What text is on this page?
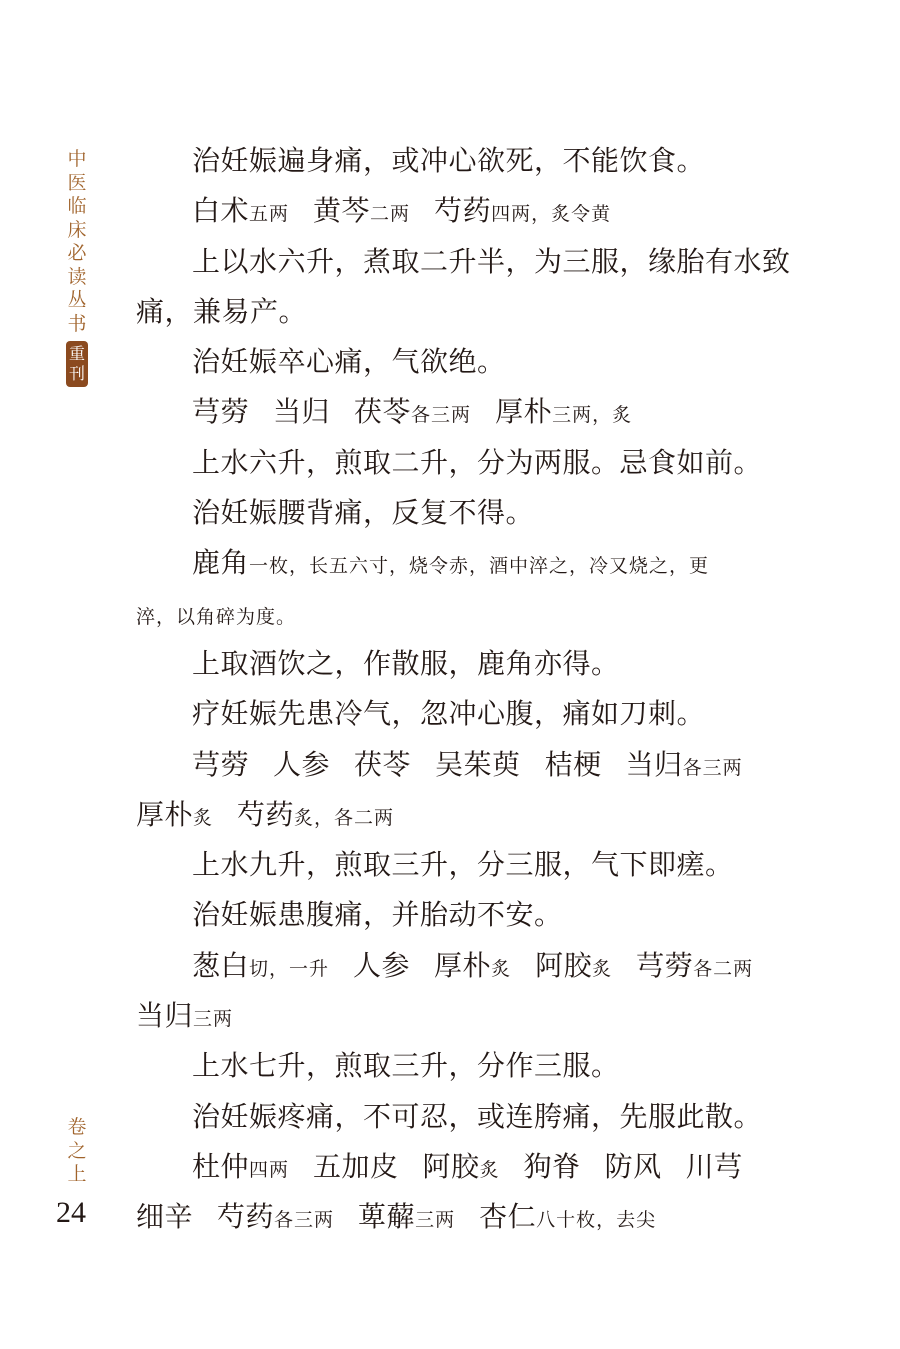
中
医
临
床
必
读
丛
书
重
刊
卷
之
上
24
治妊娠遍身痛，或冲心欲死，不能饮食。
白术五两 黄芩二两 芍药四两，炙令黄
上以水六升，煮取二升半，为三服，缘胎有水致
痛，兼易产。
治妊娠卒心痛，气欲绝。
芎䓖 当归 茯苓各三两 厚朴三两，炙
上水六升，煎取二升，分为两服。忌食如前。
治妊娠腰背痛，反复不得。
鹿角一枚，长五六寸，烧令赤，酒中淬之，冷又烧之，更
淬，以角碎为度。
上取酒饮之，作散服，鹿角亦得。
疗妊娠先患冷气，忽冲心腹，痛如刀刺。
芎䓖 人参 茯苓 吴茱萸 桔梗 当归各三两
厚朴炙 芍药炙，各二两
上水九升，煎取三升，分三服，气下即瘥。
治妊娠患腹痛，并胎动不安。
葱白切，一升 人参 厚朴炙 阿胶炙 芎䓖各二两
当归三两
上水七升，煎取三升，分作三服。
治妊娠疼痛，不可忍，或连胯痛，先服此散。
杜仲四两 五加皮 阿胶炙 狗脊 防风 川芎
细辛 芍药各三两 萆薢三两 杏仁八十枚，去尖
